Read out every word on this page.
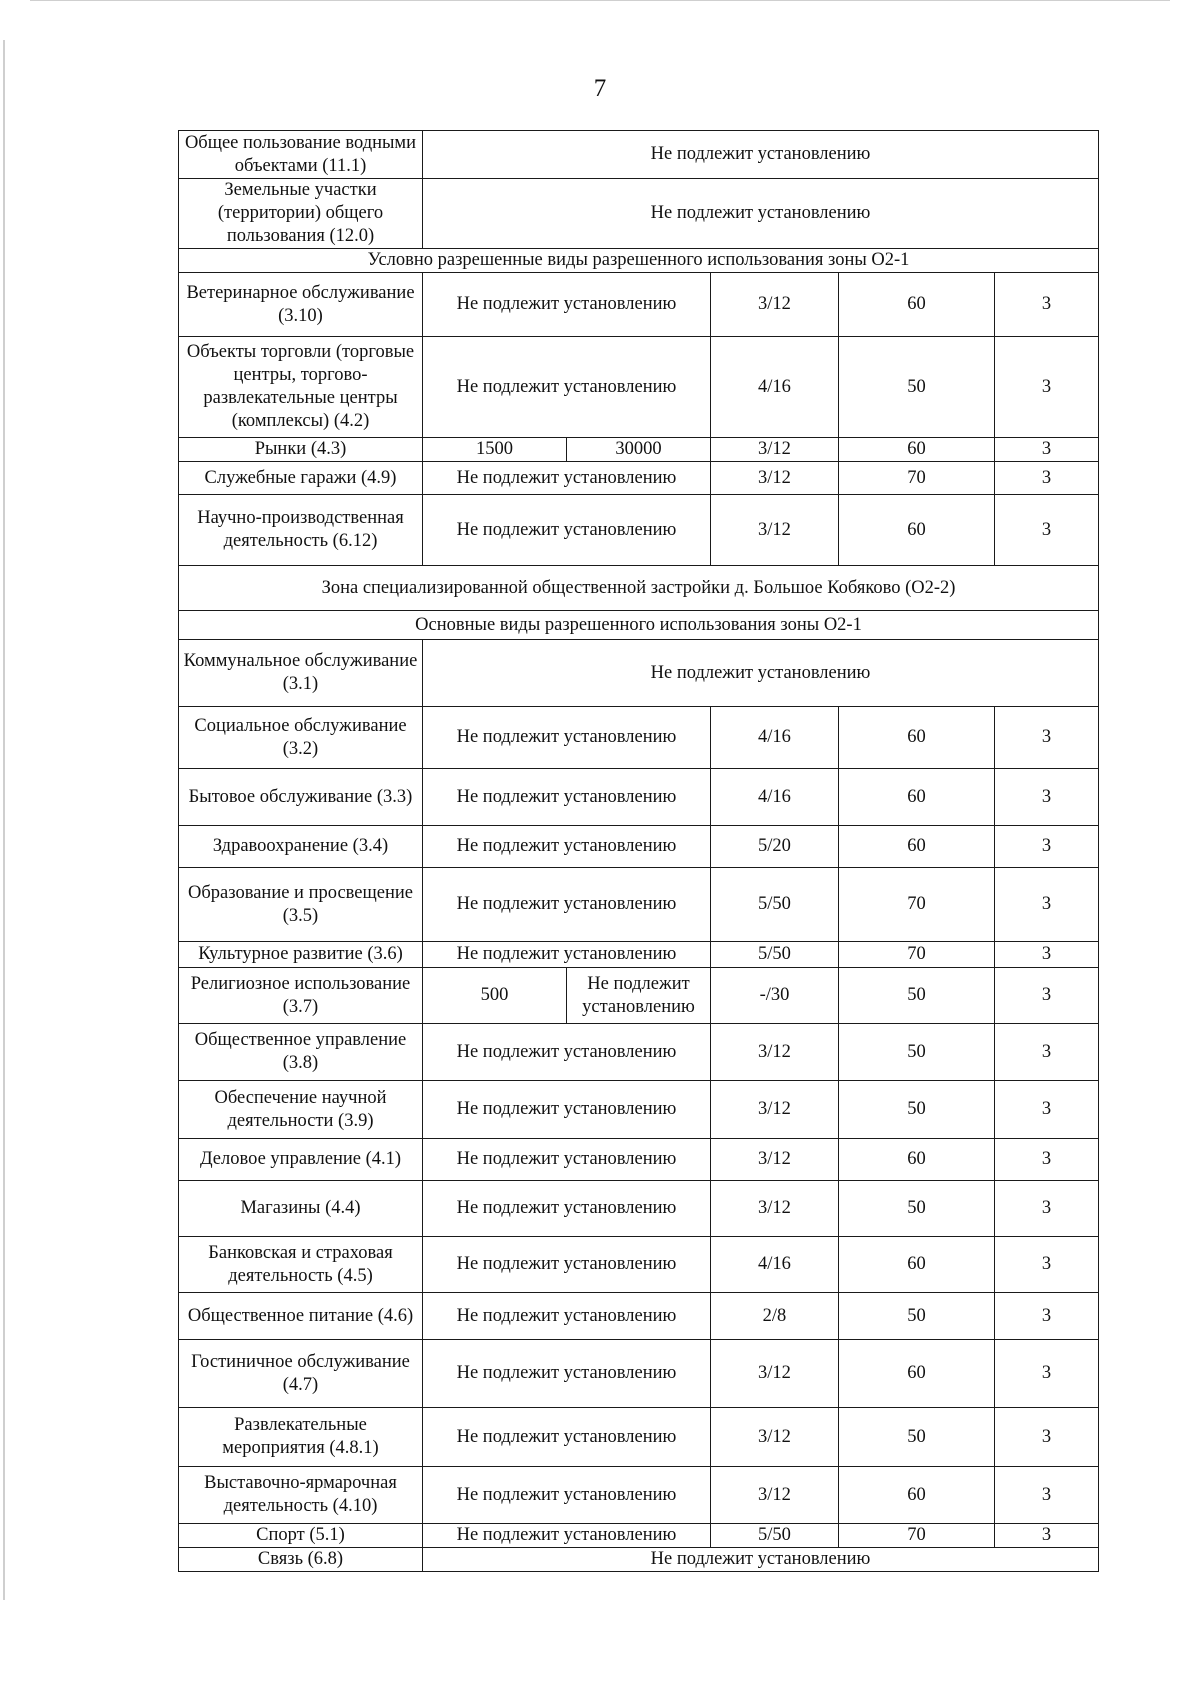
7
Общее пользование водными объектами (11.1)	Не подлежит установлению				
Земельные участки (территории) общего пользования (12.0)	Не подлежит установлению				
Условно разрешенные виды разрешенного использования зоны О2-1					
Ветеринарное обслуживание (3.10)	Не подлежит установлению		3/12	60	3
Объекты торговли (торговые центры, торгово-развлекательные центры (комплексы) (4.2)	Не подлежит установлению		4/16	50	3
Рынки (4.3)	1500	30000	3/12	60	3
Служебные гаражи (4.9)	Не подлежит установлению		3/12	70	3
Научно-производственная деятельность (6.12)	Не подлежит установлению		3/12	60	3
Зона специализированной общественной застройки д. Большое Кобяково (О2-2)					
Основные виды разрешенного использования зоны О2-1					
Коммунальное обслуживание (3.1)	Не подлежит установлению				
Социальное обслуживание (3.2)	Не подлежит установлению		4/16	60	3
Бытовое обслуживание (3.3)	Не подлежит установлению		4/16	60	3
Здравоохранение (3.4)	Не подлежит установлению		5/20	60	3
Образование и просвещение (3.5)	Не подлежит установлению		5/50	70	3
Культурное развитие (3.6)	Не подлежит установлению		5/50	70	3
Религиозное использование (3.7)	500	Не подлежит установлению	-/30	50	3
Общественное управление (3.8)	Не подлежит установлению		3/12	50	3
Обеспечение научной деятельности (3.9)	Не подлежит установлению		3/12	50	3
Деловое управление (4.1)	Не подлежит установлению		3/12	60	3
Магазины (4.4)	Не подлежит установлению		3/12	50	3
Банковская и страховая деятельность (4.5)	Не подлежит установлению		4/16	60	3
Общественное питание (4.6)	Не подлежит установлению		2/8	50	3
Гостиничное обслуживание (4.7)	Не подлежит установлению		3/12	60	3
Развлекательные мероприятия (4.8.1)	Не подлежит установлению		3/12	50	3
Выставочно-ярмарочная деятельность (4.10)	Не подлежит установлению		3/12	60	3
Спорт (5.1)	Не подлежит установлению		5/50	70	3
Связь (6.8)	Не подлежит установлению				
